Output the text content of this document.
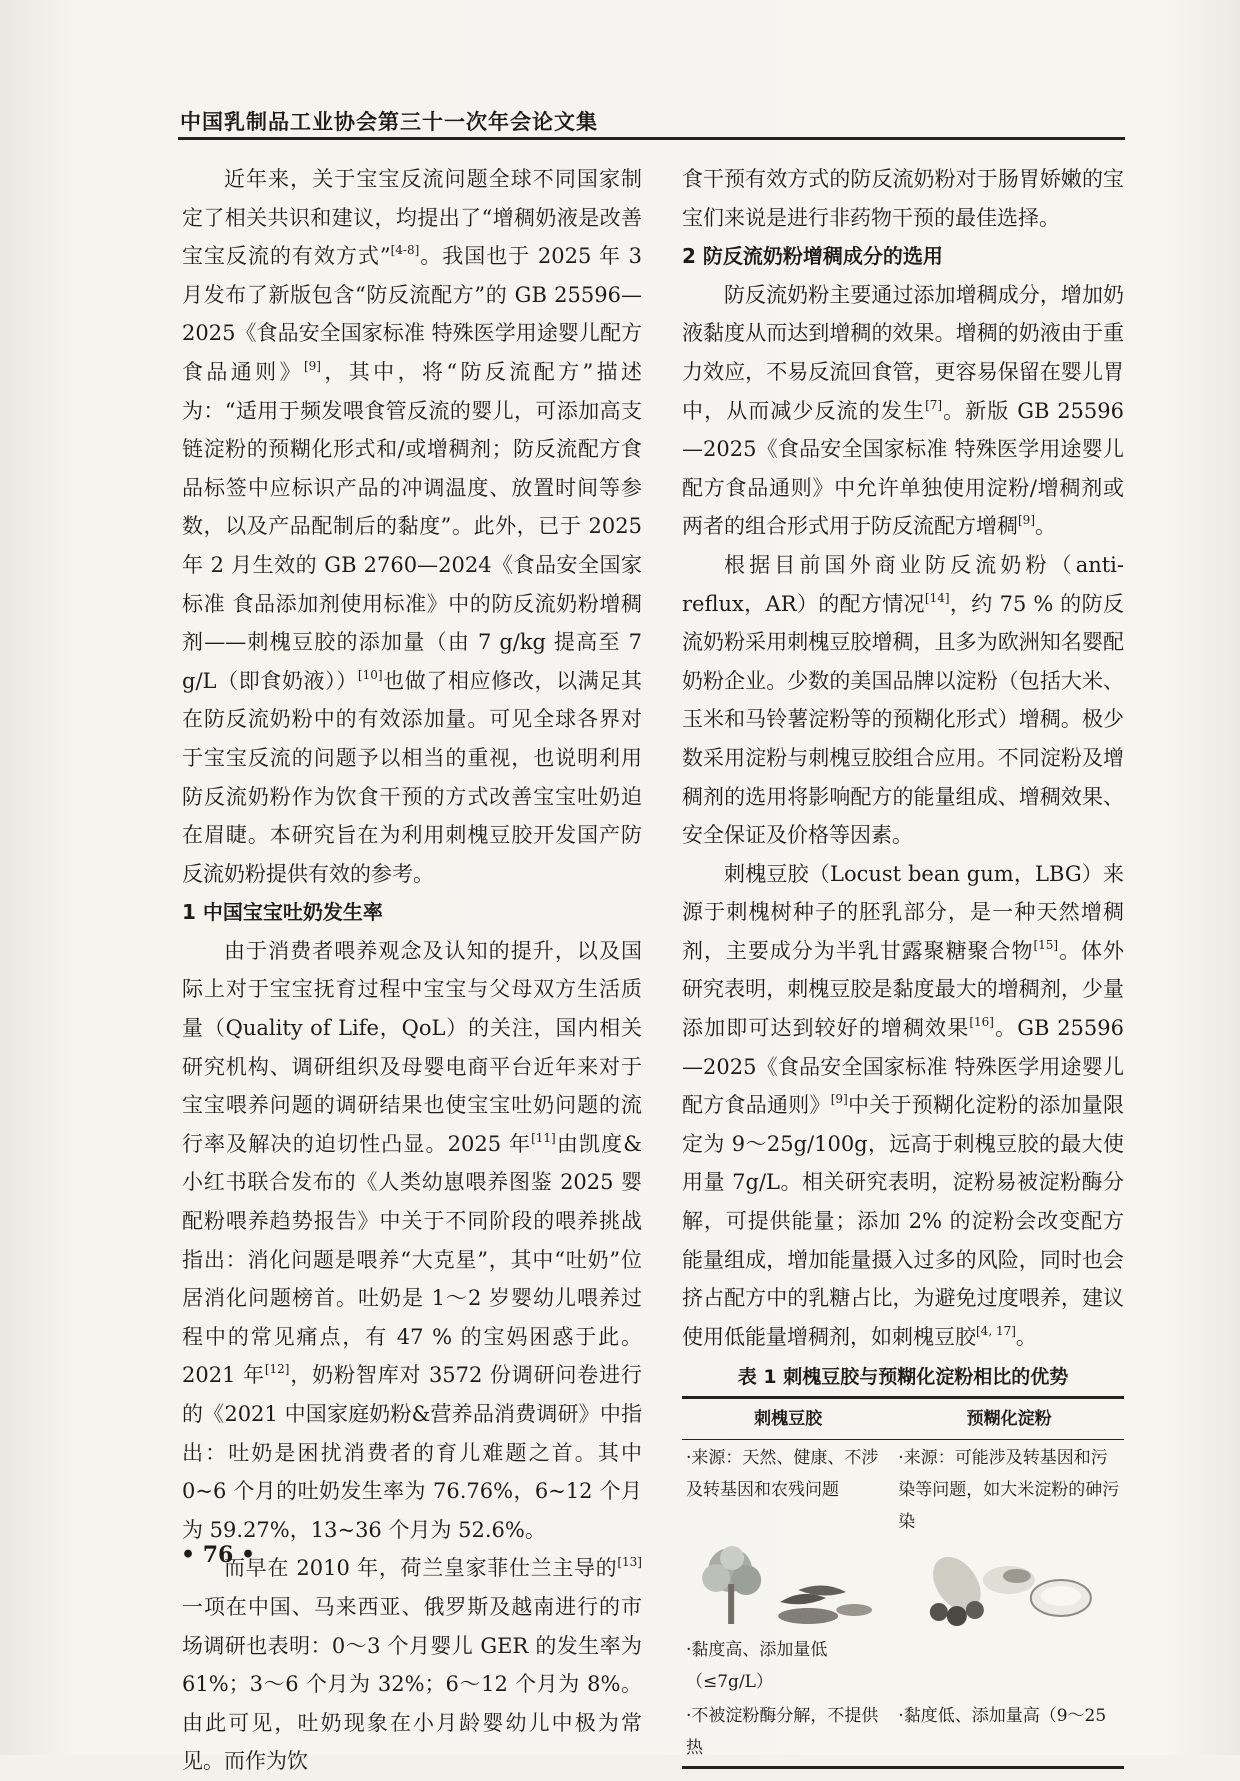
中国乳制品工业协会第三十一次年会论文集

近年来，关于宝宝反流问题全球不同国家制定了相关共识和建议，均提出了“增稠奶液是改善宝宝反流的有效方式”[4-8]。我国也于 2025 年 3 月发布了新版包含“防反流配方”的 GB 25596—2025《食品安全国家标准 特殊医学用途婴儿配方食品通则》[9]，其中，将“防反流配方”描述为：“适用于频发喂食管反流的婴儿，可添加高支链淀粉的预糊化形式和/或增稠剂；防反流配方食品标签中应标识产品的冲调温度、放置时间等参数，以及产品配制后的黏度”。此外，已于 2025 年 2 月生效的 GB 2760—2024《食品安全国家标准 食品添加剂使用标准》中的防反流奶粉增稠剂——刺槐豆胶的添加量（由 7 g/kg 提高至 7 g/L（即食奶液））[10]也做了相应修改，以满足其在防反流奶粉中的有效添加量。可见全球各界对于宝宝反流的问题予以相当的重视，也说明利用防反流奶粉作为饮食干预的方式改善宝宝吐奶迫在眉睫。本研究旨在为利用刺槐豆胶开发国产防反流奶粉提供有效的参考。

1 中国宝宝吐奶发生率

由于消费者喂养观念及认知的提升，以及国际上对于宝宝抚育过程中宝宝与父母双方生活质量（Quality of Life，QoL）的关注，国内相关研究机构、调研组织及母婴电商平台近年来对于宝宝喂养问题的调研结果也使宝宝吐奶问题的流行率及解决的迫切性凸显。2025 年[11]由凯度&小红书联合发布的《人类幼崽喂养图鉴 2025 婴配粉喂养趋势报告》中关于不同阶段的喂养挑战指出：消化问题是喂养“大克星”，其中“吐奶”位居消化问题榜首。吐奶是 1～2 岁婴幼儿喂养过程中的常见痛点，有 47 % 的宝妈困惑于此。2021 年[12]，奶粉智库对 3572 份调研问卷进行的《2021 中国家庭奶粉&营养品消费调研》中指出：吐奶是困扰消费者的育儿难题之首。其中 0~6 个月的吐奶发生率为 76.76%，6~12 个月为 59.27%，13~36 个月为 52.6%。

而早在 2010 年，荷兰皇家菲仕兰主导的[13]一项在中国、马来西亚、俄罗斯及越南进行的市场调研也表明：0～3 个月婴儿 GER 的发生率为 61%；3～6 个月为 32%；6～12 个月为 8%。由此可见，吐奶现象在小月龄婴幼儿中极为常见。而作为饮

食干预有效方式的防反流奶粉对于肠胃娇嫩的宝宝们来说是进行非药物干预的最佳选择。

2 防反流奶粉增稠成分的选用

防反流奶粉主要通过添加增稠成分，增加奶液黏度从而达到增稠的效果。增稠的奶液由于重力效应，不易反流回食管，更容易保留在婴儿胃中，从而减少反流的发生[7]。新版 GB 25596—2025《食品安全国家标准 特殊医学用途婴儿配方食品通则》中允许单独使用淀粉/增稠剂或两者的组合形式用于防反流配方增稠[9]。

根据目前国外商业防反流奶粉（anti-reflux，AR）的配方情况[14]，约 75 % 的防反流奶粉采用刺槐豆胶增稠，且多为欧洲知名婴配奶粉企业。少数的美国品牌以淀粉（包括大米、玉米和马铃薯淀粉等的预糊化形式）增稠。极少数采用淀粉与刺槐豆胶组合应用。不同淀粉及增稠剂的选用将影响配方的能量组成、增稠效果、安全保证及价格等因素。

刺槐豆胶（Locust bean gum，LBG）来源于刺槐树种子的胚乳部分，是一种天然增稠剂，主要成分为半乳甘露聚糖聚合物[15]。体外研究表明，刺槐豆胶是黏度最大的增稠剂，少量添加即可达到较好的增稠效果[16]。GB 25596—2025《食品安全国家标准 特殊医学用途婴儿配方食品通则》[9]中关于预糊化淀粉的添加量限定为 9～25g/100g，远高于刺槐豆胶的最大使用量 7g/L。相关研究表明，淀粉易被淀粉酶分解，可提供能量；添加 2% 的淀粉会改变配方能量组成，增加能量摄入过多的风险，同时也会挤占配方中的乳糖占比，为避免过度喂养，建议使用低能量增稠剂，如刺槐豆胶[4, 17]。

表 1 刺槐豆胶与预糊化淀粉相比的优势
刺槐豆胶	预糊化淀粉
·来源：天然、健康、不涉及转基因和农残问题	·来源：可能涉及转基因和污染等问题，如大米淀粉的砷污染

·黏度高、添加量低（≤7g/L）	
·不被淀粉酶分解，不提供热	·黏度低、添加量高（9～25
• 76 •
